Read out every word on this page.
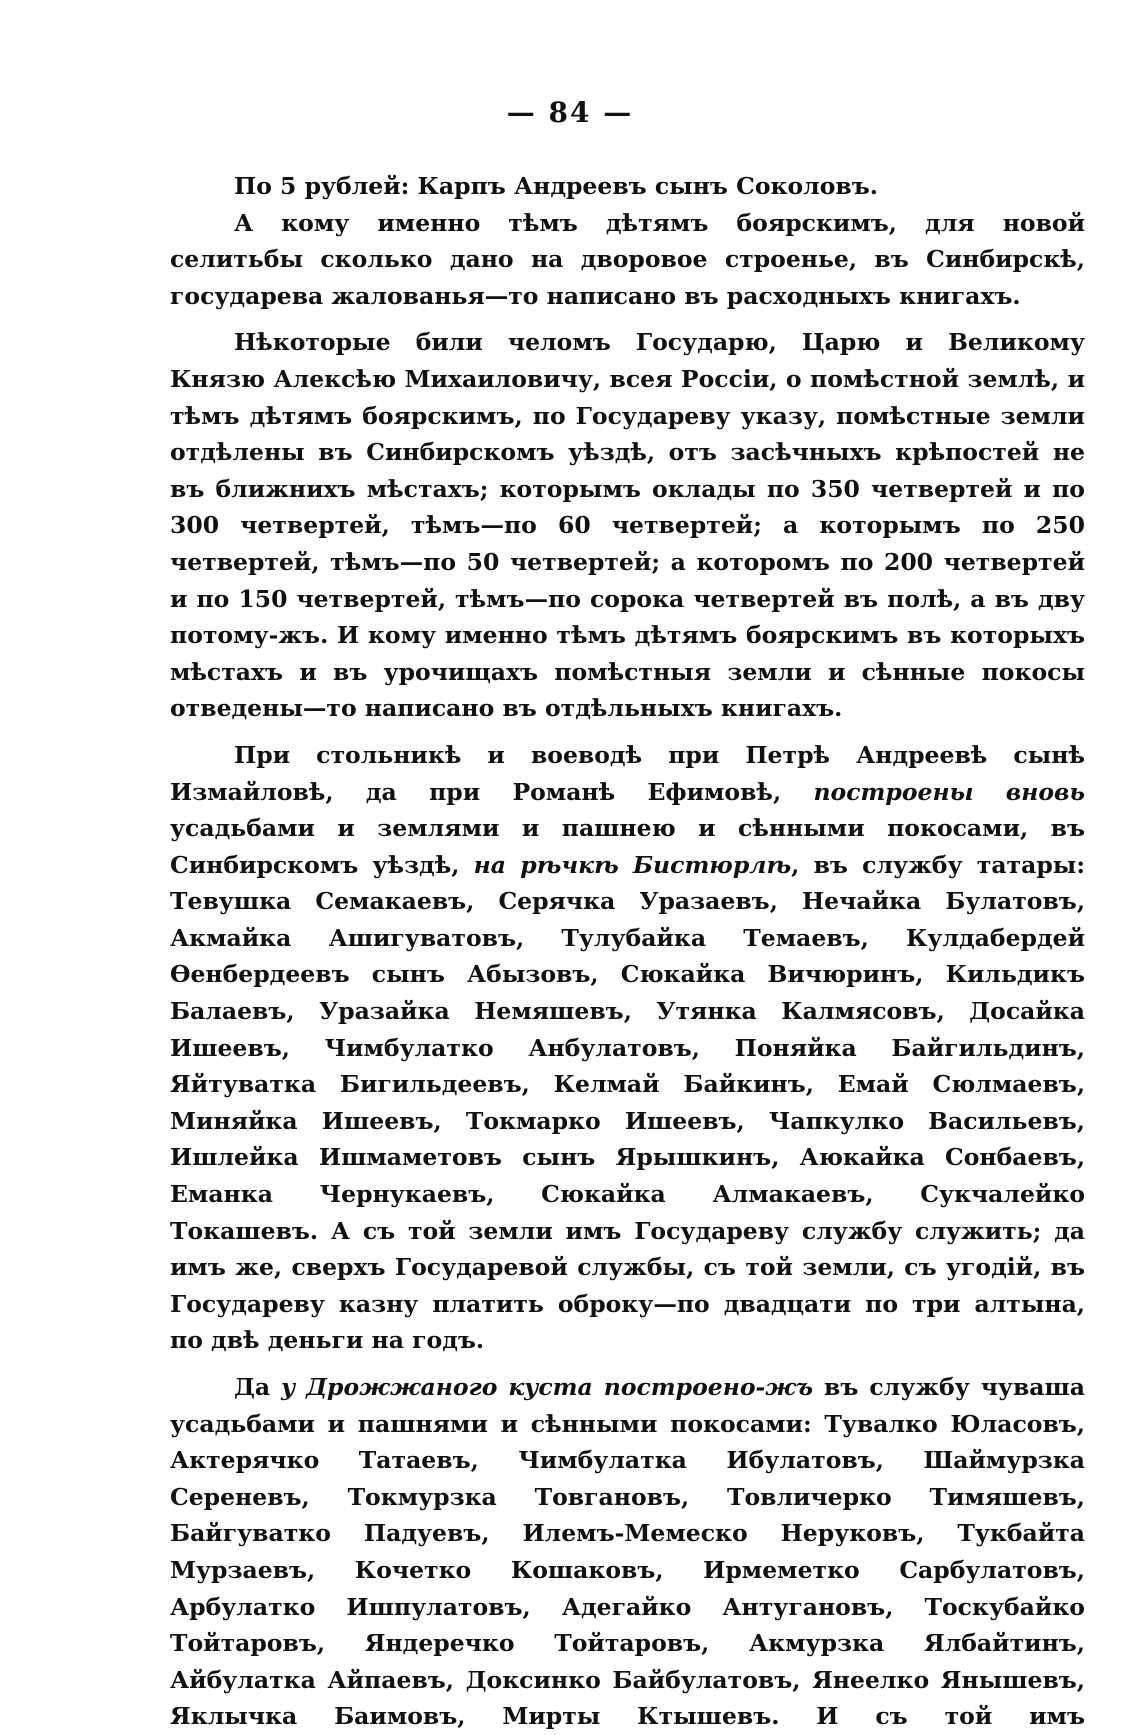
— 84 —

По 5 рублей: Карпъ Андреевъ сынъ Соколовъ.

А кому именно тѣмъ дѣтямъ боярскимъ, для новой селитьбы сколько дано на дворовое строенье, въ Синбирскѣ, государева жалованья—то написано въ расходныхъ книгахъ.

Нѣкоторые били челомъ Государю, Царю и Великому Князю Алексѣю Михаиловичу, всея Россiи, о помѣстной землѣ, и тѣмъ дѣтямъ боярскимъ, по Государеву указу, помѣстные земли отдѣлены въ Синбирскомъ уѣздѣ, отъ засѣчныхъ крѣпостей не въ ближнихъ мѣстахъ; которымъ оклады по 350 четвертей и по 300 четвертей, тѣмъ—по 60 четвертей; а которымъ по 250 четвертей, тѣмъ—по 50 четвертей; а которомъ по 200 четвертей и по 150 четвертей, тѣмъ—по сорока четвертей въ полѣ, а въ дву потому-жъ. И кому именно тѣмъ дѣтямъ боярскимъ въ которыхъ мѣстахъ и въ урочищахъ помѣстныя земли и сѣнные покосы отведены—то написано въ отдѣльныхъ книгахъ.

При стольникѣ и воеводѣ при Петрѣ Андреевѣ сынѣ Измайловѣ, да при Романѣ Ефимовѣ, построены вновь усадьбами и землями и пашнею и сѣнными покосами, въ Синбирскомъ уѣздѣ, на рѣчкѣ Бистюрлѣ, въ службу татары: Тевушка Семакаевъ, Серячка Уразаевъ, Нечайка Булатовъ, Акмайка Ашигуватовъ, Тулубайка Темаевъ, Кулдабердей Ѳенбердеевъ сынъ Абызовъ, Сюкайка Вичюринъ, Кильдикъ Балаевъ, Уразайка Немяшевъ, Утянка Калмясовъ, Досайка Ишеевъ, Чимбулатко Анбулатовъ, Поняйка Байгильдинъ, Яйтуватка Бигильдеевъ, Келмай Байкинъ, Емай Сюлмаевъ, Миняйка Ишеевъ, Токмарко Ишеевъ, Чапкулко Васильевъ, Ишлейка Ишмаметовъ сынъ Ярышкинъ, Аюкайка Сонбаевъ, Еманка Чернукаевъ, Сюкайка Алмакаевъ, Сукчалейко Токашевъ. А съ той земли имъ Государеву службу служить; да имъ же, сверхъ Государевой службы, съ той земли, съ угодiй, въ Государеву казну платить оброку—по двадцати по три алтына, по двѣ деньги на годъ.

Да у Дрожжаного куста построено-жъ въ службу чуваша усадьбами и пашнями и сѣнными покосами: Тувалко Юласовъ, Актерячко Татаевъ, Чимбулатка Ибулатовъ, Шаймурзка Сереневъ, Токмурзка Товгановъ, Товличерко Тимяшевъ, Байгуватко Падуевъ, Илемъ-Мемеско Неруковъ, Тукбайта Мурзаевъ, Кочетко Кошаковъ, Ирмеметко Сарбулатовъ, Арбулатко Ишпулатовъ, Адегайко Антугановъ, Тоскубайко Тойтаровъ, Яндеречко Тойтаровъ, Акмурзка Ялбайтинъ, Айбулатка Айпаевъ, Доксинко Байбулатовъ, Янеелко Янышевъ, Яклычка Баимовъ, Мирты Ктышевъ. И съ той имъ
